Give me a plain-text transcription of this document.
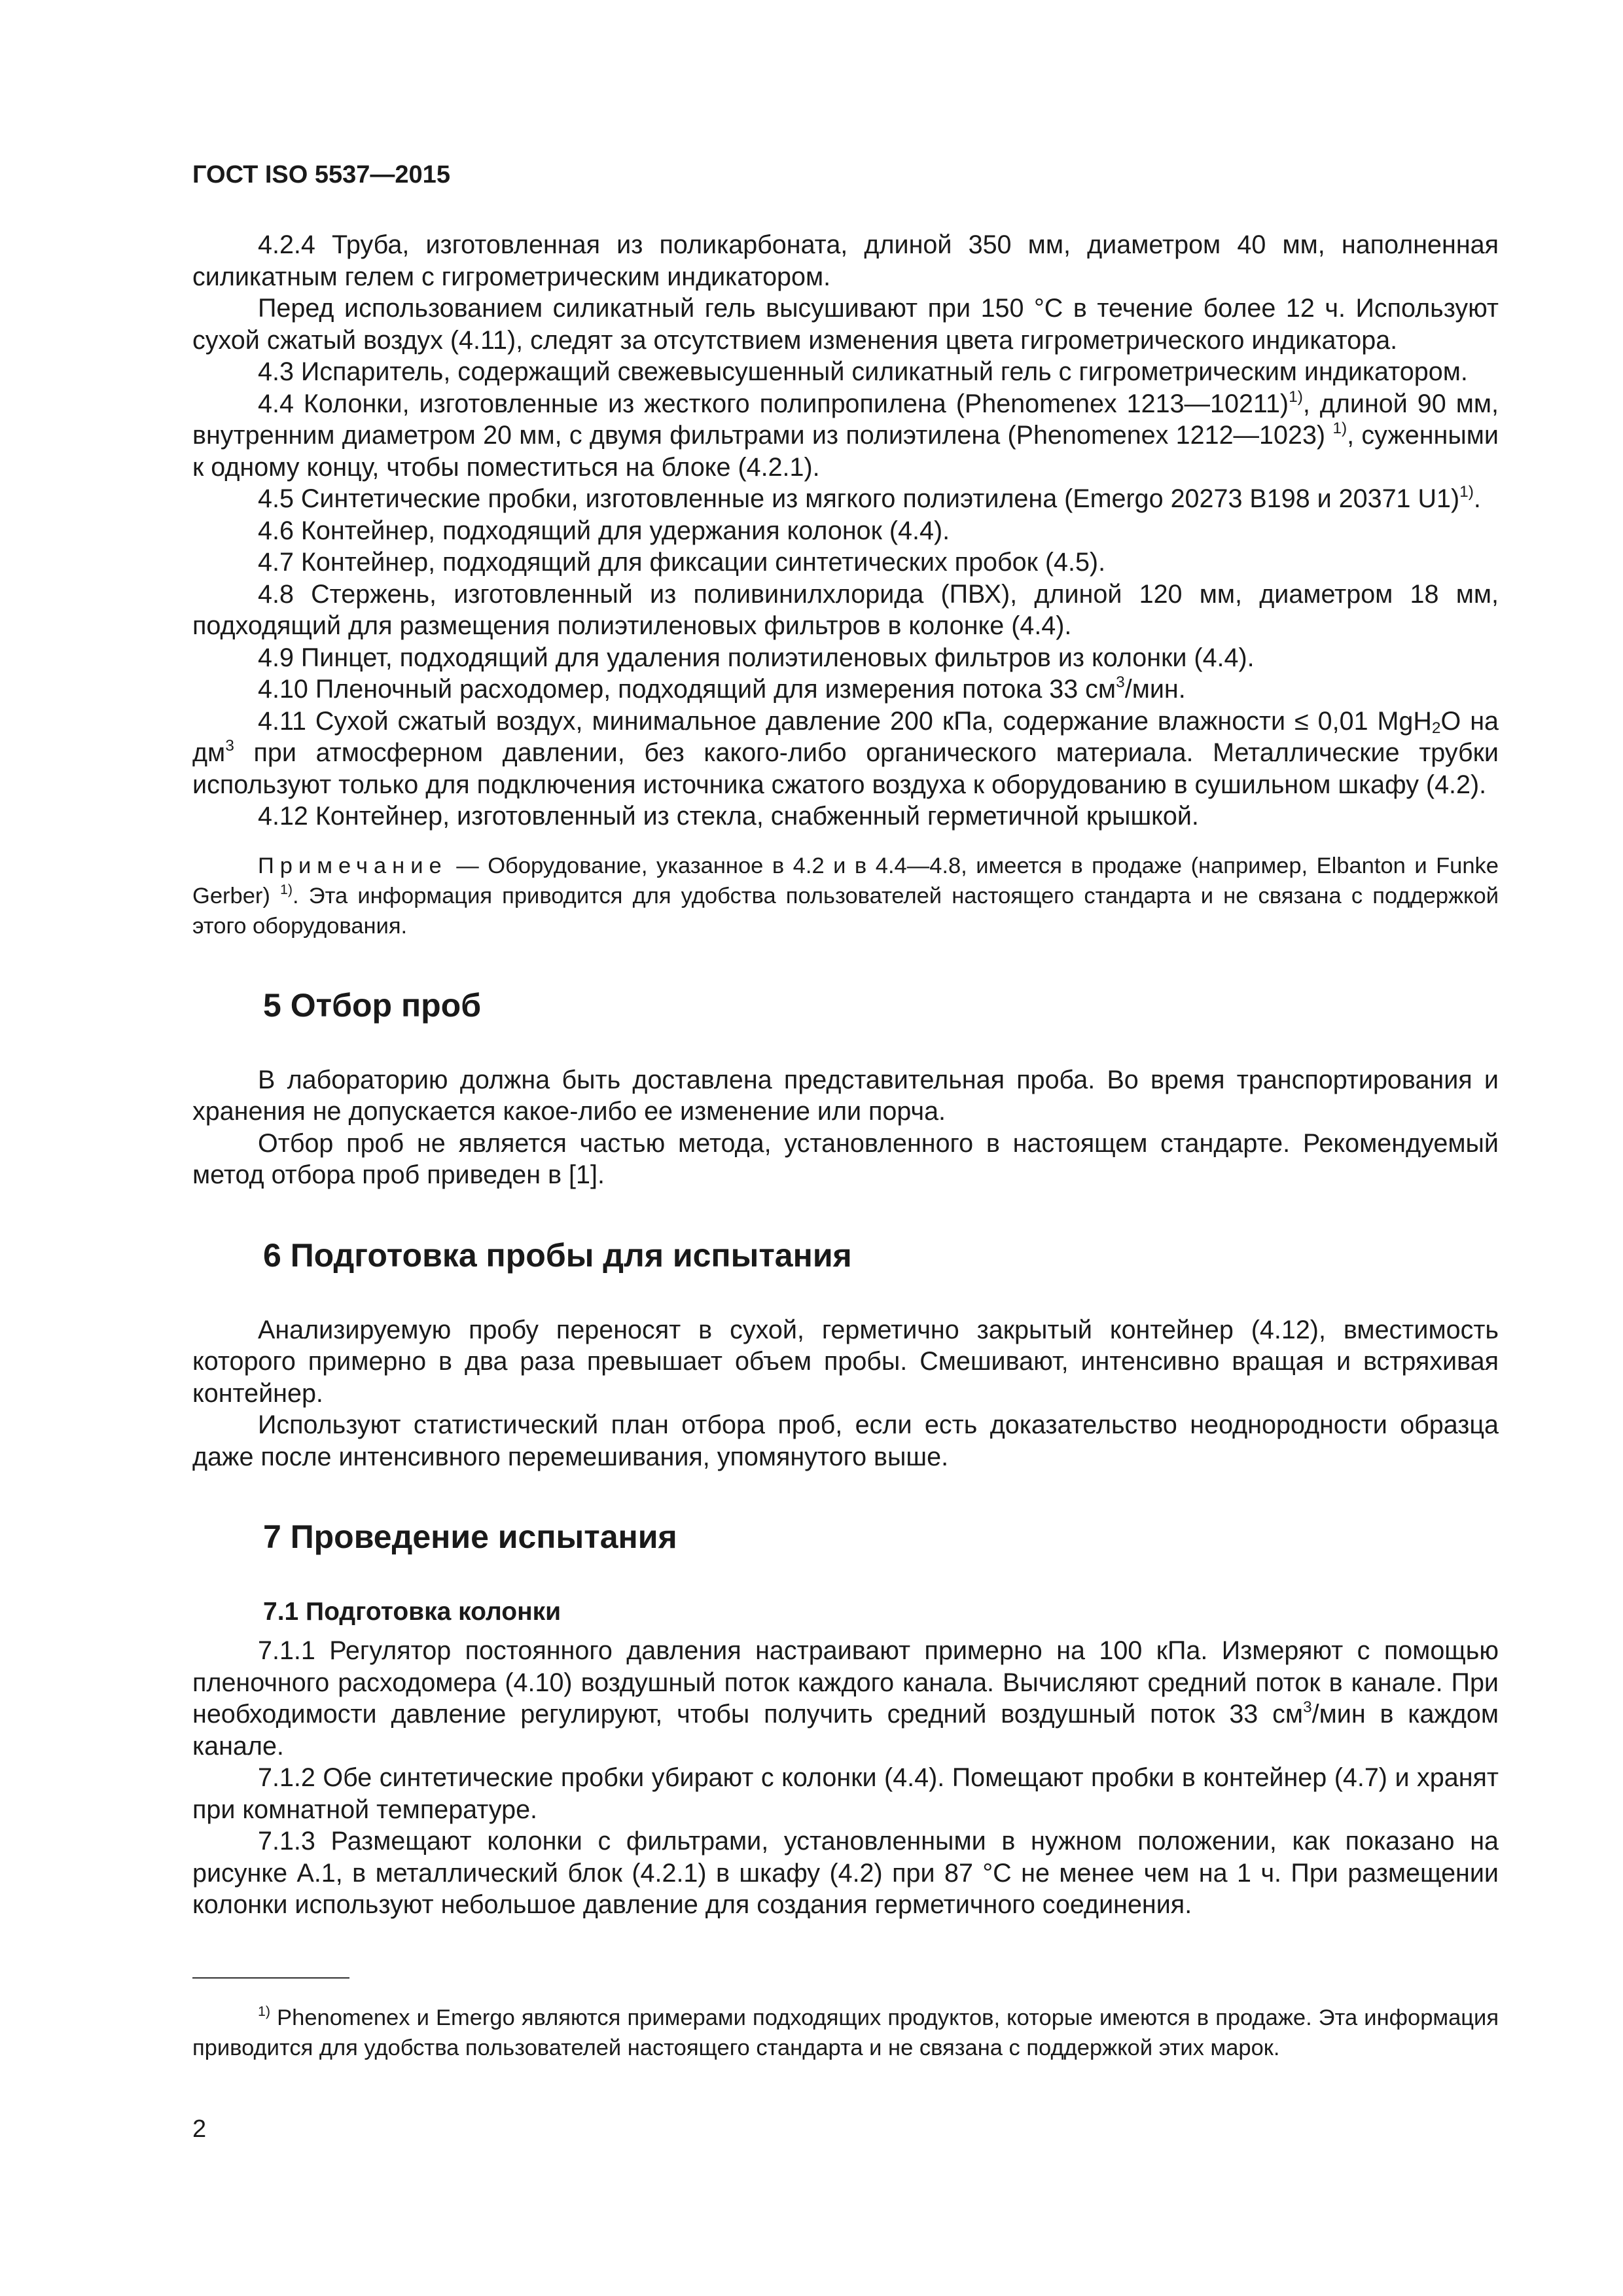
ГОСТ ISO 5537—2015

4.2.4 Труба, изготовленная из поликарбоната, длиной 350 мм, диаметром 40 мм, наполненная силикатным гелем с гигрометрическим индикатором.

Перед использованием силикатный гель высушивают при 150 °С в течение более 12 ч. Используют сухой сжатый воздух (4.11), следят за отсутствием изменения цвета гигрометрического индикатора.

4.3 Испаритель, содержащий свежевысушенный силикатный гель с гигрометрическим индикатором.

4.4 Колонки, изготовленные из жесткого полипропилена (Phenomenex 1213—10211)$^{1)}$, длиной 90 мм, внутренним диаметром 20 мм, с двумя фильтрами из полиэтилена (Phenomenex 1212—1023) $^{1)}$, суженными к одному концу, чтобы поместиться на блоке (4.2.1).

4.5 Синтетические пробки, изготовленные из мягкого полиэтилена (Emergo 20273 B198 и 20371 U1)$^{1)}$.

4.6 Контейнер, подходящий для удержания колонок (4.4).

4.7 Контейнер, подходящий для фиксации синтетических пробок (4.5).

4.8 Стержень, изготовленный из поливинилхлорида (ПВХ), длиной 120 мм, диаметром 18 мм, подходящий для размещения полиэтиленовых фильтров в колонке (4.4).

4.9 Пинцет, подходящий для удаления полиэтиленовых фильтров из колонки (4.4).

4.10 Пленочный расходомер, подходящий для измерения потока 33 $см^3$/мин.

4.11 Сухой сжатый воздух, минимальное давление 200 кПа, содержание влажности ≤ 0,01 MgH$_2$O на $дм^3$ при атмосферном давлении, без какого-либо органического материала. Металлические трубки используют только для подключения источника сжатого воздуха к оборудованию в сушильном шкафу (4.2).

4.12 Контейнер, изготовленный из стекла, снабженный герметичной крышкой.

Примечание — Оборудование, указанное в 4.2 и в 4.4—4.8, имеется в продаже (например, Elbanton и Funke Gerber) $^{1)}$. Эта информация приводится для удобства пользователей настоящего стандарта и не связана с поддержкой этого оборудования.

5 Отбор проб

В лабораторию должна быть доставлена представительная проба. Во время транспортирования и хранения не допускается какое-либо ее изменение или порча.

Отбор проб не является частью метода, установленного в настоящем стандарте. Рекомендуемый метод отбора проб приведен в [1].

6 Подготовка пробы для испытания

Анализируемую пробу переносят в сухой, герметично закрытый контейнер (4.12), вместимость которого примерно в два раза превышает объем пробы. Смешивают, интенсивно вращая и встряхивая контейнер.

Используют статистический план отбора проб, если есть доказательство неоднородности образца даже после интенсивного перемешивания, упомянутого выше.

7 Проведение испытания
7.1 Подготовка колонки

7.1.1 Регулятор постоянного давления настраивают примерно на 100 кПа. Измеряют с помощью пленочного расходомера (4.10) воздушный поток каждого канала. Вычисляют средний поток в канале. При необходимости давление регулируют, чтобы получить средний воздушный поток 33 $см^3$/мин в каждом канале.

7.1.2 Обе синтетические пробки убирают с колонки (4.4). Помещают пробки в контейнер (4.7) и хранят при комнатной температуре.

7.1.3 Размещают колонки с фильтрами, установленными в нужном положении, как показано на рисунке А.1, в металлический блок (4.2.1) в шкафу (4.2) при 87 °С не менее чем на 1 ч. При размещении колонки используют небольшое давление для создания герметичного соединения.

$^{1)}$ Phenomenex и Emergo являются примерами подходящих продуктов, которые имеются в продаже. Эта информация приводится для удобства пользователей настоящего стандарта и не связана с поддержкой этих марок.
2
